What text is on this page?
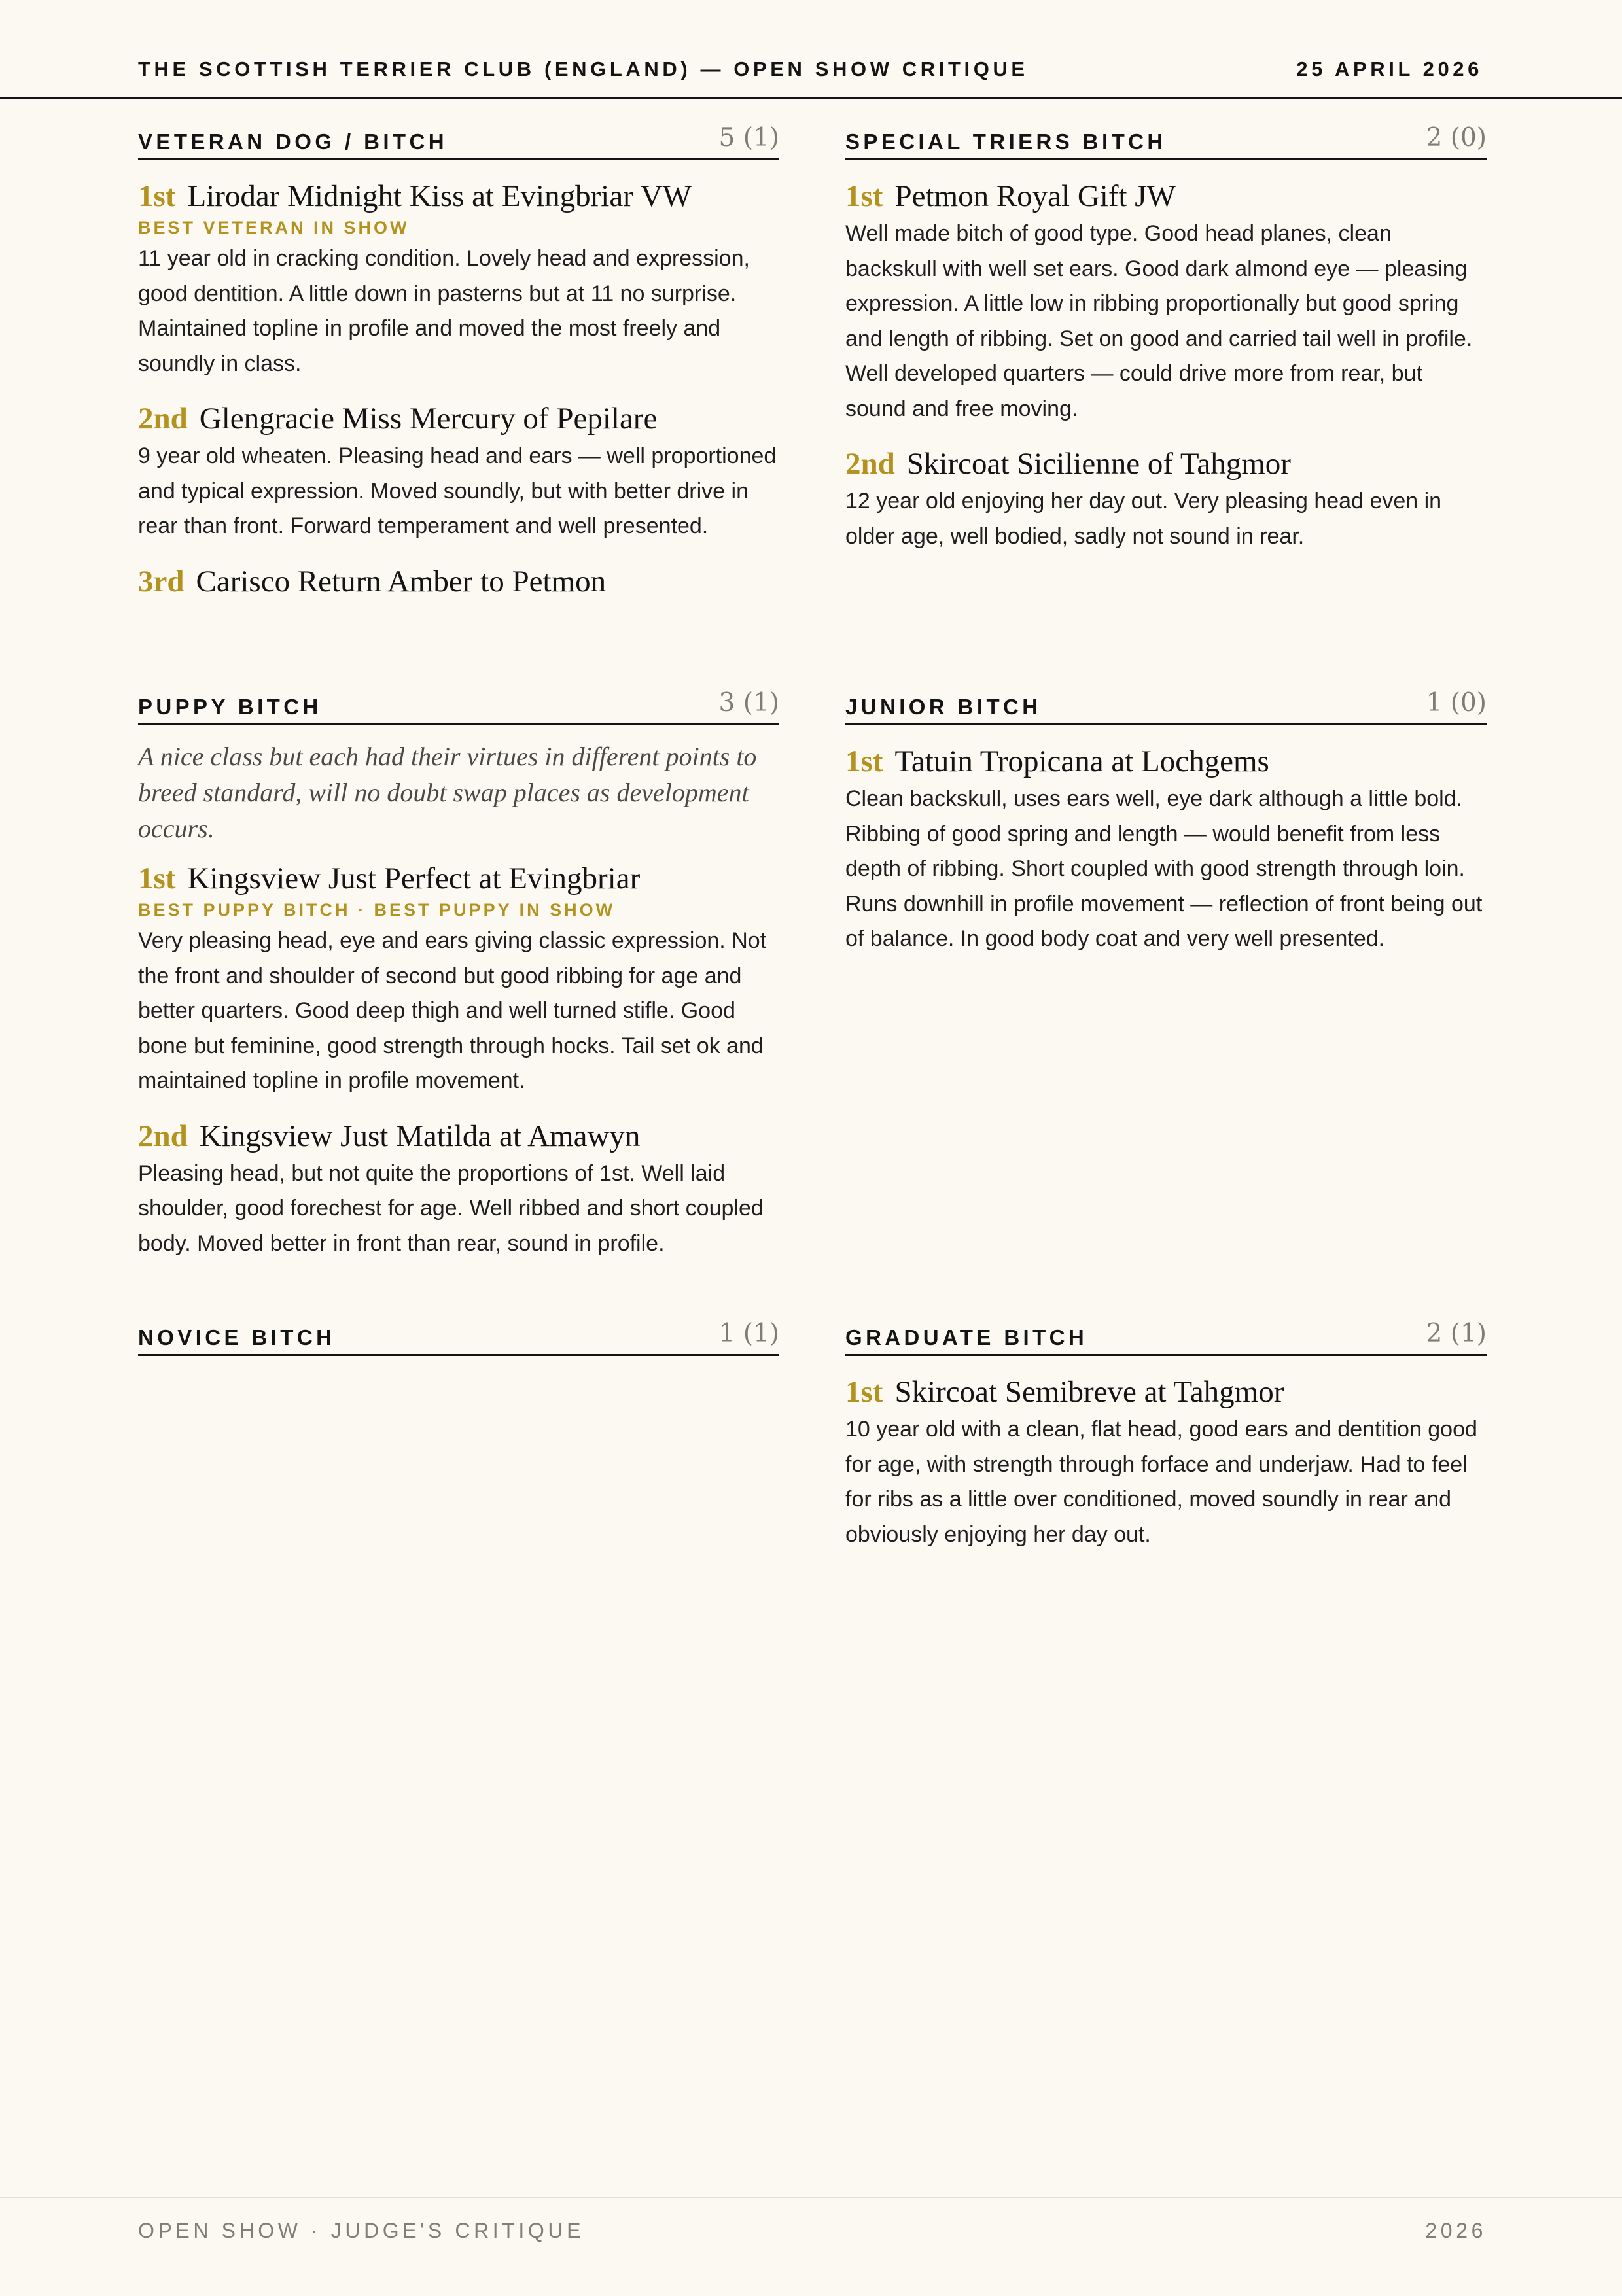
THE SCOTTISH TERRIER CLUB (ENGLAND) — OPEN SHOW CRITIQUE	25 APRIL 2026
VETERAN DOG / BITCH	5 (1)
1st Lirodar Midnight Kiss at Evingbriar VW
BEST VETERAN IN SHOW
11 year old in cracking condition. Lovely head and expression, good dentition. A little down in pasterns but at 11 no surprise. Maintained topline in profile and moved the most freely and soundly in class.
2nd Glengracie Miss Mercury of Pepilare
9 year old wheaten. Pleasing head and ears — well proportioned and typical expression. Moved soundly, but with better drive in rear than front. Forward temperament and well presented.
3rd Carisco Return Amber to Petmon
SPECIAL TRIERS BITCH	2 (0)
1st Petmon Royal Gift JW
Well made bitch of good type. Good head planes, clean backskull with well set ears. Good dark almond eye — pleasing expression. A little low in ribbing proportionally but good spring and length of ribbing. Set on good and carried tail well in profile. Well developed quarters — could drive more from rear, but sound and free moving.
2nd Skircoat Sicilienne of Tahgmor
12 year old enjoying her day out. Very pleasing head even in older age, well bodied, sadly not sound in rear.
PUPPY BITCH	3 (1)
A nice class but each had their virtues in different points to breed standard, will no doubt swap places as development occurs.
1st Kingsview Just Perfect at Evingbriar
BEST PUPPY BITCH · BEST PUPPY IN SHOW
Very pleasing head, eye and ears giving classic expression. Not the front and shoulder of second but good ribbing for age and better quarters. Good deep thigh and well turned stifle. Good bone but feminine, good strength through hocks. Tail set ok and maintained topline in profile movement.
2nd Kingsview Just Matilda at Amawyn
Pleasing head, but not quite the proportions of 1st. Well laid shoulder, good forechest for age. Well ribbed and short coupled body. Moved better in front than rear, sound in profile.
JUNIOR BITCH	1 (0)
1st Tatuin Tropicana at Lochgems
Clean backskull, uses ears well, eye dark although a little bold. Ribbing of good spring and length — would benefit from less depth of ribbing. Short coupled with good strength through loin. Runs downhill in profile movement — reflection of front being out of balance. In good body coat and very well presented.
NOVICE BITCH	1 (1)	GRADUATE BITCH	2 (1)
1st Skircoat Semibreve at Tahgmor
10 year old with a clean, flat head, good ears and dentition good for age, with strength through forface and underjaw. Had to feel for ribs as a little over conditioned, moved soundly in rear and obviously enjoying her day out.
OPEN SHOW · JUDGE'S CRITIQUE	2026
